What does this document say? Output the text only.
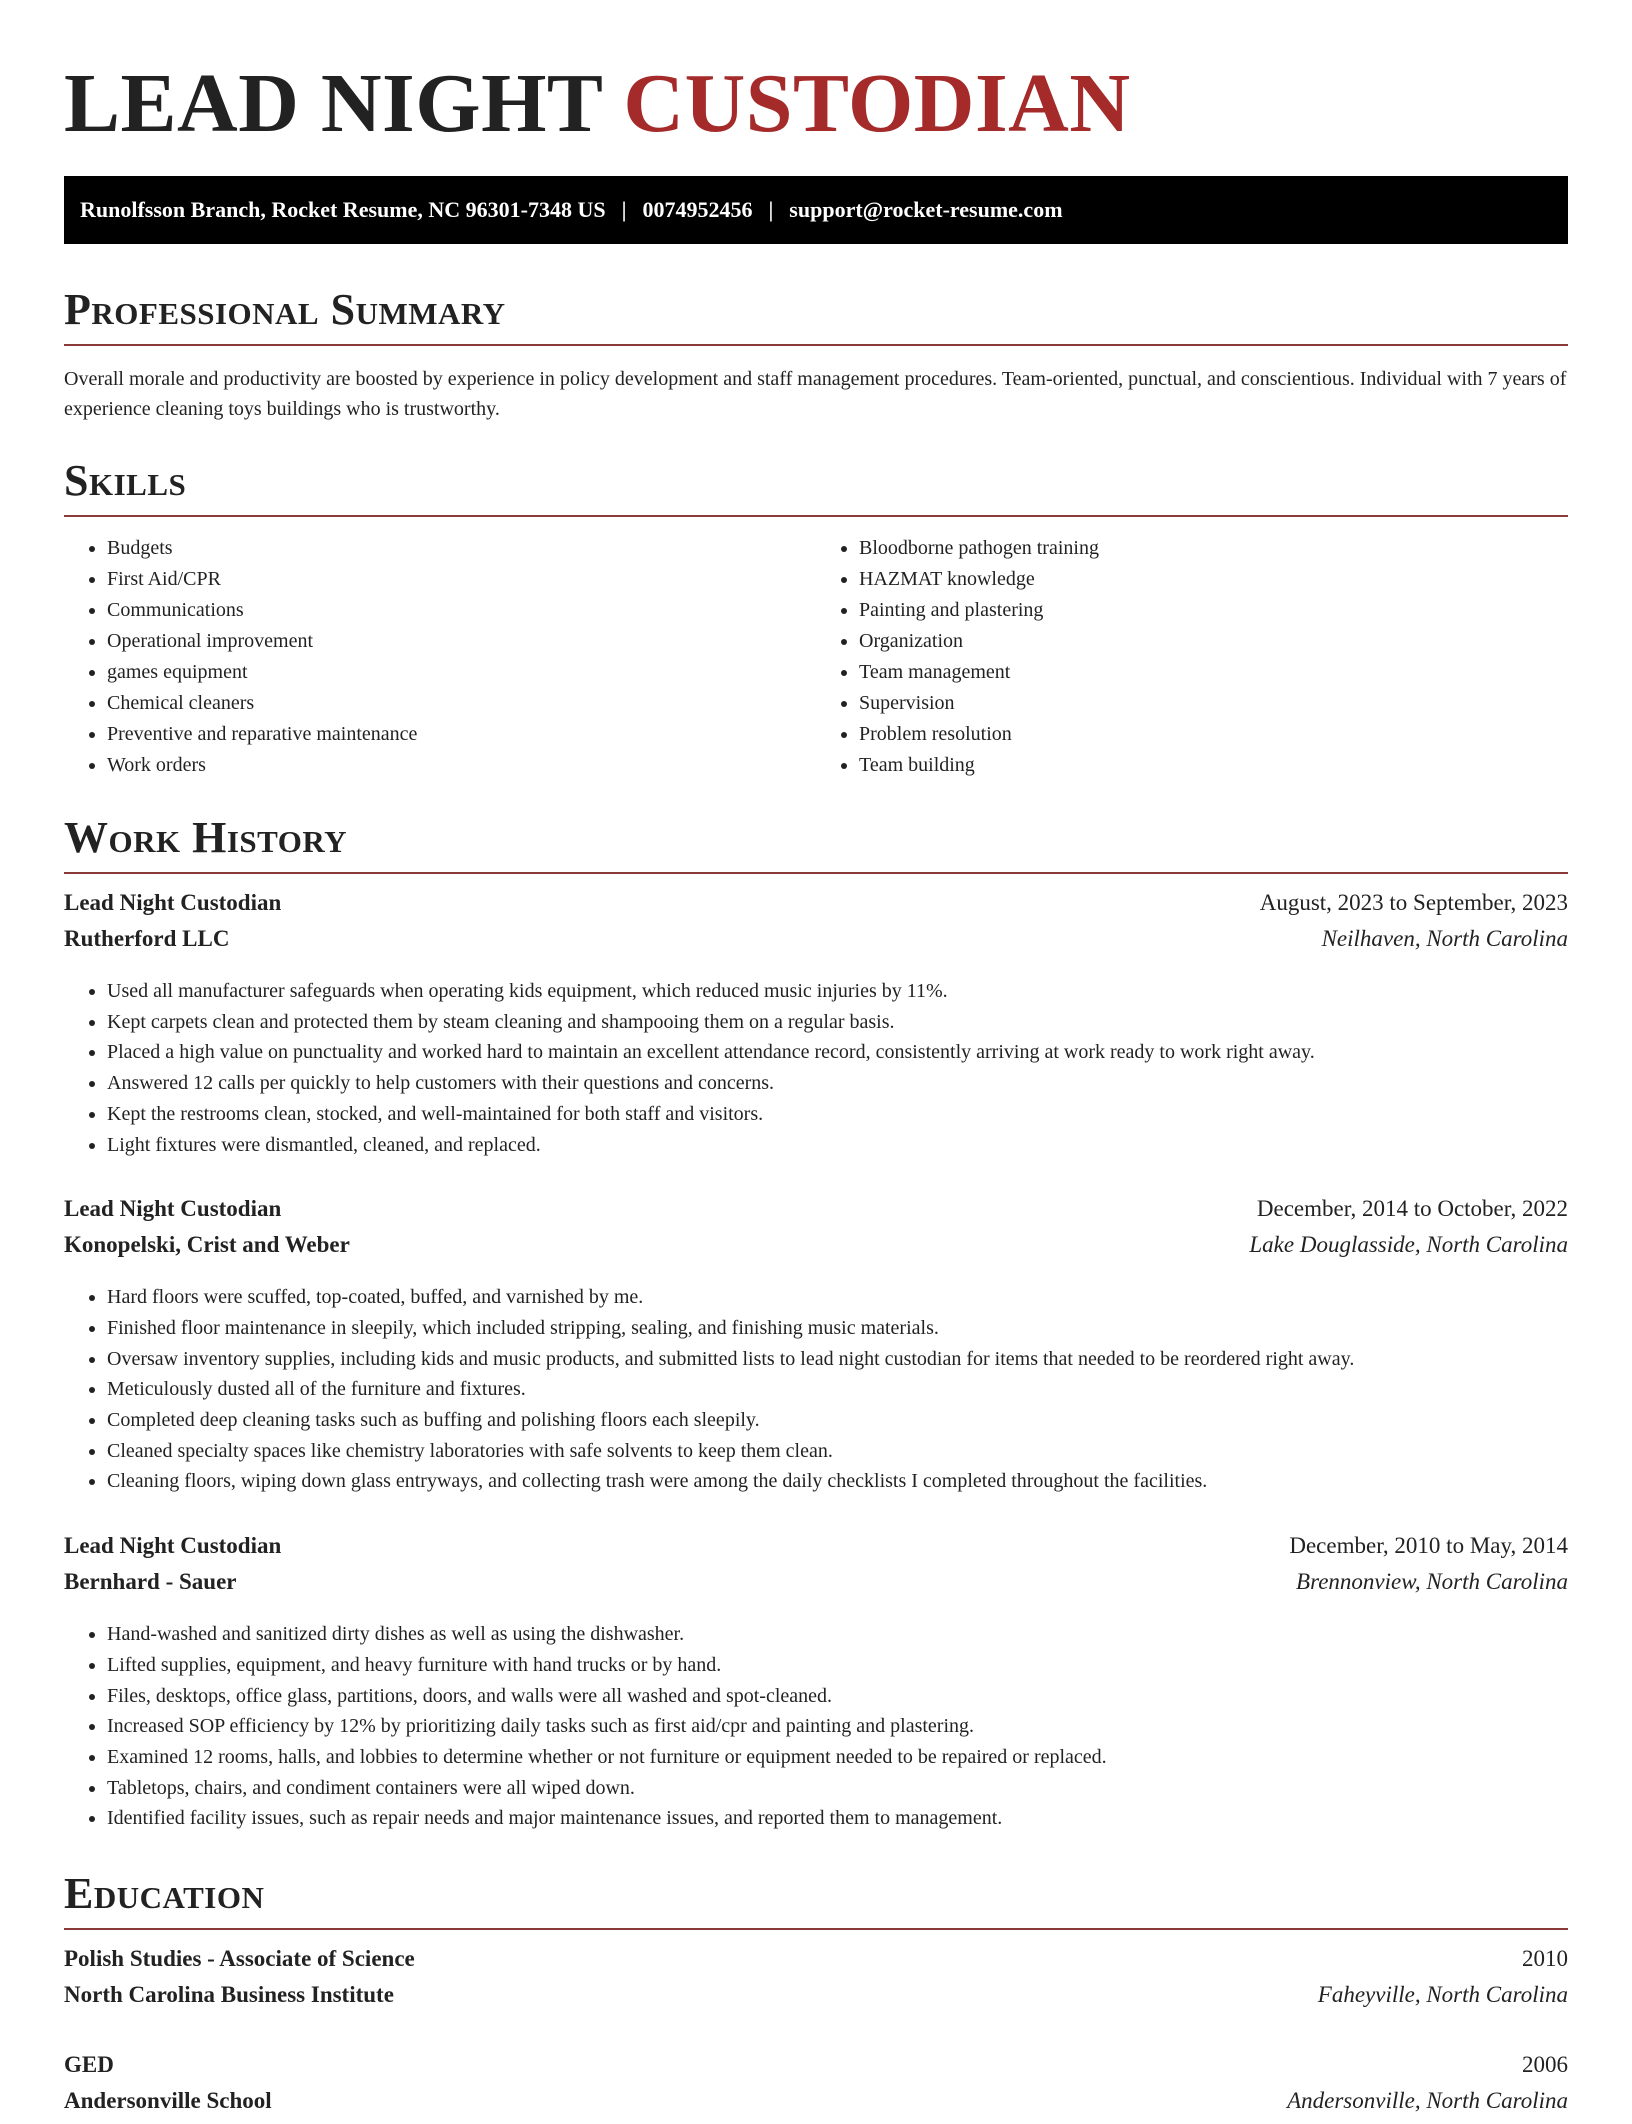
LEAD NIGHT CUSTODIAN
Runolfsson Branch, Rocket Resume, NC 96301-7348 US | 0074952456 | support@rocket-resume.com
Professional Summary

Overall morale and productivity are boosted by experience in policy development and staff management procedures. Team-oriented, punctual, and conscientious. Individual with 7 years of experience cleaning toys buildings who is trustworthy.

Skills
• Budgets
• First Aid/CPR
• Communications
• Operational improvement
• games equipment
• Chemical cleaners
• Preventive and reparative maintenance
• Work orders
• Bloodborne pathogen training
• HAZMAT knowledge
• Painting and plastering
• Organization
• Team management
• Supervision
• Problem resolution
• Team building
Work History
Lead Night Custodian	August, 2023 to September, 2023
Rutherford LLC	Neilhaven, North Carolina
• Used all manufacturer safeguards when operating kids equipment, which reduced music injuries by 11%.
• Kept carpets clean and protected them by steam cleaning and shampooing them on a regular basis.
• Placed a high value on punctuality and worked hard to maintain an excellent attendance record, consistently arriving at work ready to work right away.
• Answered 12 calls per quickly to help customers with their questions and concerns.
• Kept the restrooms clean, stocked, and well-maintained for both staff and visitors.
• Light fixtures were dismantled, cleaned, and replaced.
Lead Night Custodian	December, 2014 to October, 2022
Konopelski, Crist and Weber	Lake Douglasside, North Carolina
• Hard floors were scuffed, top-coated, buffed, and varnished by me.
• Finished floor maintenance in sleepily, which included stripping, sealing, and finishing music materials.
• Oversaw inventory supplies, including kids and music products, and submitted lists to lead night custodian for items that needed to be reordered right away.
• Meticulously dusted all of the furniture and fixtures.
• Completed deep cleaning tasks such as buffing and polishing floors each sleepily.
• Cleaned specialty spaces like chemistry laboratories with safe solvents to keep them clean.
• Cleaning floors, wiping down glass entryways, and collecting trash were among the daily checklists I completed throughout the facilities.
Lead Night Custodian	December, 2010 to May, 2014
Bernhard - Sauer	Brennonview, North Carolina
• Hand-washed and sanitized dirty dishes as well as using the dishwasher.
• Lifted supplies, equipment, and heavy furniture with hand trucks or by hand.
• Files, desktops, office glass, partitions, doors, and walls were all washed and spot-cleaned.
• Increased SOP efficiency by 12% by prioritizing daily tasks such as first aid/cpr and painting and plastering.
• Examined 12 rooms, halls, and lobbies to determine whether or not furniture or equipment needed to be repaired or replaced.
• Tabletops, chairs, and condiment containers were all wiped down.
• Identified facility issues, such as repair needs and major maintenance issues, and reported them to management.
Education
Polish Studies - Associate of Science	2010
North Carolina Business Institute	Faheyville, North Carolina
GED	2006
Andersonville School	Andersonville, North Carolina
